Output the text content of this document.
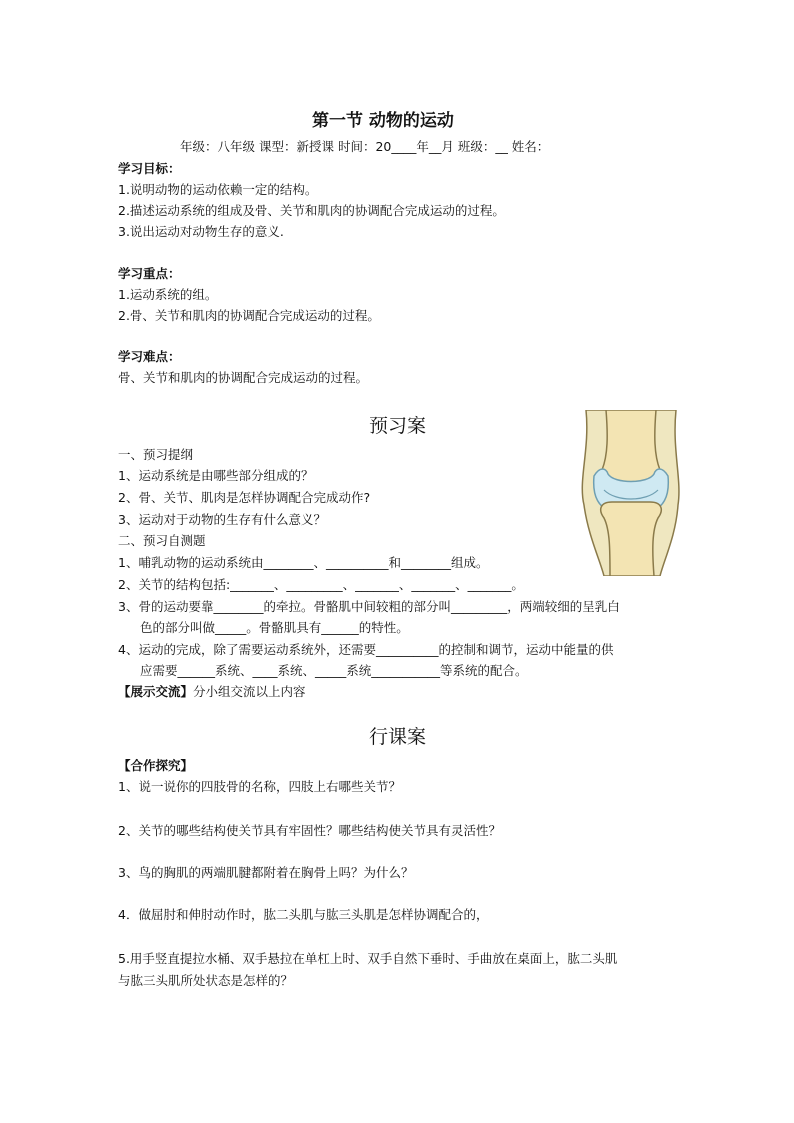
第一节 动物的运动
年级：八年级 课型：新授课 时间：20____年__月 班级：__ 姓名：
学习目标：
1.说明动物的运动依赖一定的结构。
2.描述运动系统的组成及骨、关节和肌肉的协调配合完成运动的过程。
3.说出运动对动物生存的意义.
学习重点：
1.运动系统的组。
2.骨、关节和肌肉的协调配合完成运动的过程。
学习难点：
骨、关节和肌肉的协调配合完成运动的过程。
预习案
一、预习提纲
1、运动系统是由哪些部分组成的？
2、骨、关节、肌肉是怎样协调配合完成动作?
3、运动对于动物的生存有什么意义？
二、预习自测题
1、哺乳动物的运动系统由________、__________和________组成。
2、关节的结构包括:_______、_________、_______、_______、_______。
3、骨的运动要靠________的牵拉。骨骼肌中间较粗的部分叫_________，两端较细的呈乳白
色的部分叫做_____。骨骼肌具有______的特性。
4、运动的完成，除了需要运动系统外，还需要__________的控制和调节，运动中能量的供
应需要______系统、____系统、_____系统___________等系统的配合。
【展示交流】分小组交流以上内容
行课案
【合作探究】
1、说一说你的四肢骨的名称，四肢上右哪些关节？
2、关节的哪些结构使关节具有牢固性？哪些结构使关节具有灵活性？
3、鸟的胸肌的两端肌腱都附着在胸骨上吗？为什么？
4．做屈肘和伸肘动作时，肱二头肌与肱三头肌是怎样协调配合的，
5.用手竖直提拉水桶、双手悬拉在单杠上时、双手自然下垂时、手曲放在桌面上，肱二头肌
与肱三头肌所处状态是怎样的？
